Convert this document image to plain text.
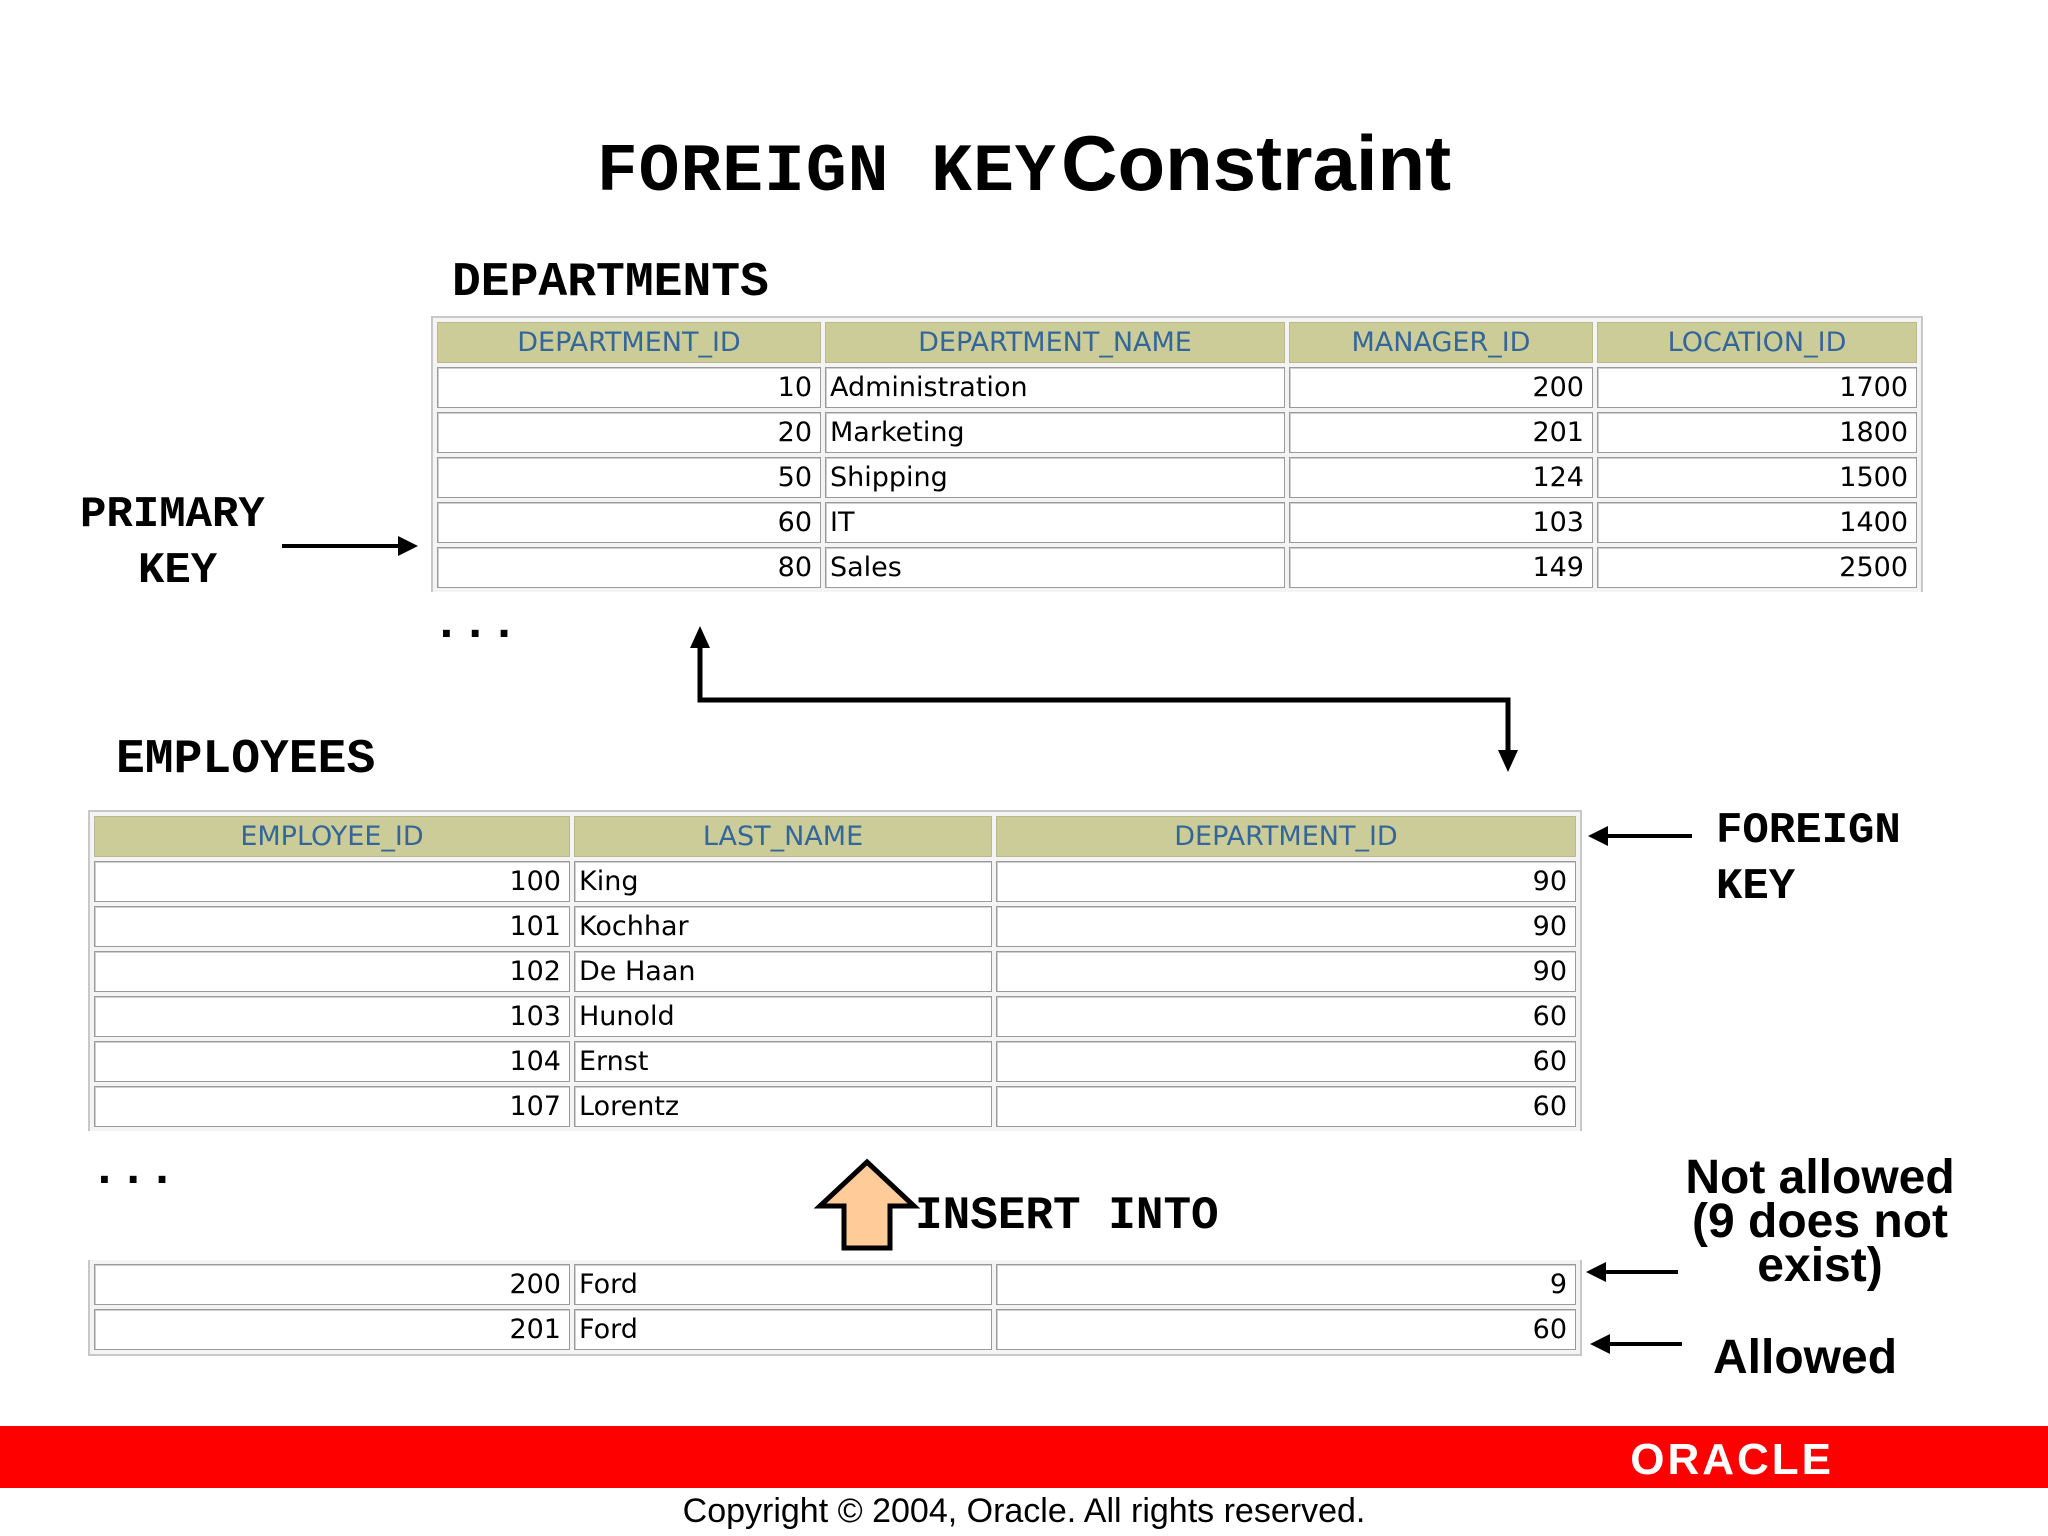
FOREIGN KEY Constraint
DEPARTMENTS
DEPARTMENT_ID	DEPARTMENT_NAME	MANAGER_ID	LOCATION_ID
10	Administration	200	1700
20	Marketing	201	1800
50	Shipping	124	1500
60	IT	103	1400
80	Sales	149	2500
...
PRIMARY
KEY
EMPLOYEES
EMPLOYEE_ID	LAST_NAME	DEPARTMENT_ID
100	King	90
101	Kochhar	90
102	De Haan	90
103	Hunold	60
104	Ernst	60
107	Lorentz	60
...
FOREIGN
KEY
INSERT INTO
200	Ford	9
201	Ford	60
Not allowed
(9 does not
exist)
Allowed
ORACLE
Copyright © 2004, Oracle. All rights reserved.
